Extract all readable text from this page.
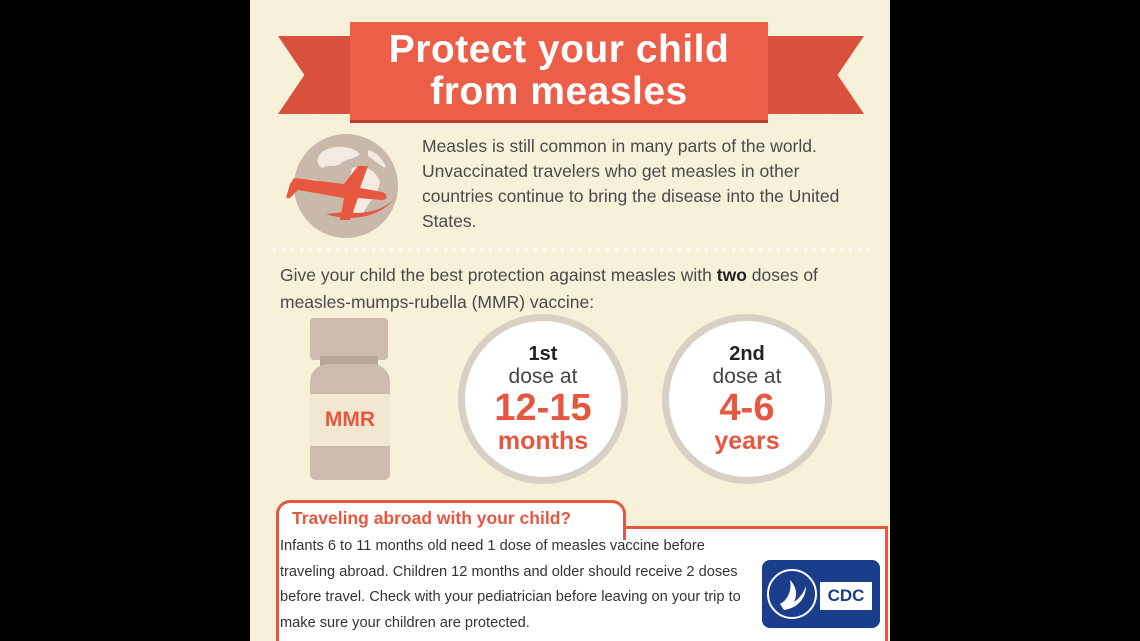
Protect your child
from measles
Measles is still common in many parts of the world. Unvaccinated travelers who get measles in other countries continue to bring the disease into the United States.
Give your child the best protection against measles with two doses of measles-mumps-rubella (MMR) vaccine:
MMR
1st
dose at
12-15
months
2nd
dose at
4-6
years
Traveling abroad with your child?
Infants 6 to 11 months old need 1 dose of measles vaccine before traveling abroad. Children 12 months and older should receive 2 doses before travel. Check with your pediatrician before leaving on your trip to make sure your children are protected.
CDC
